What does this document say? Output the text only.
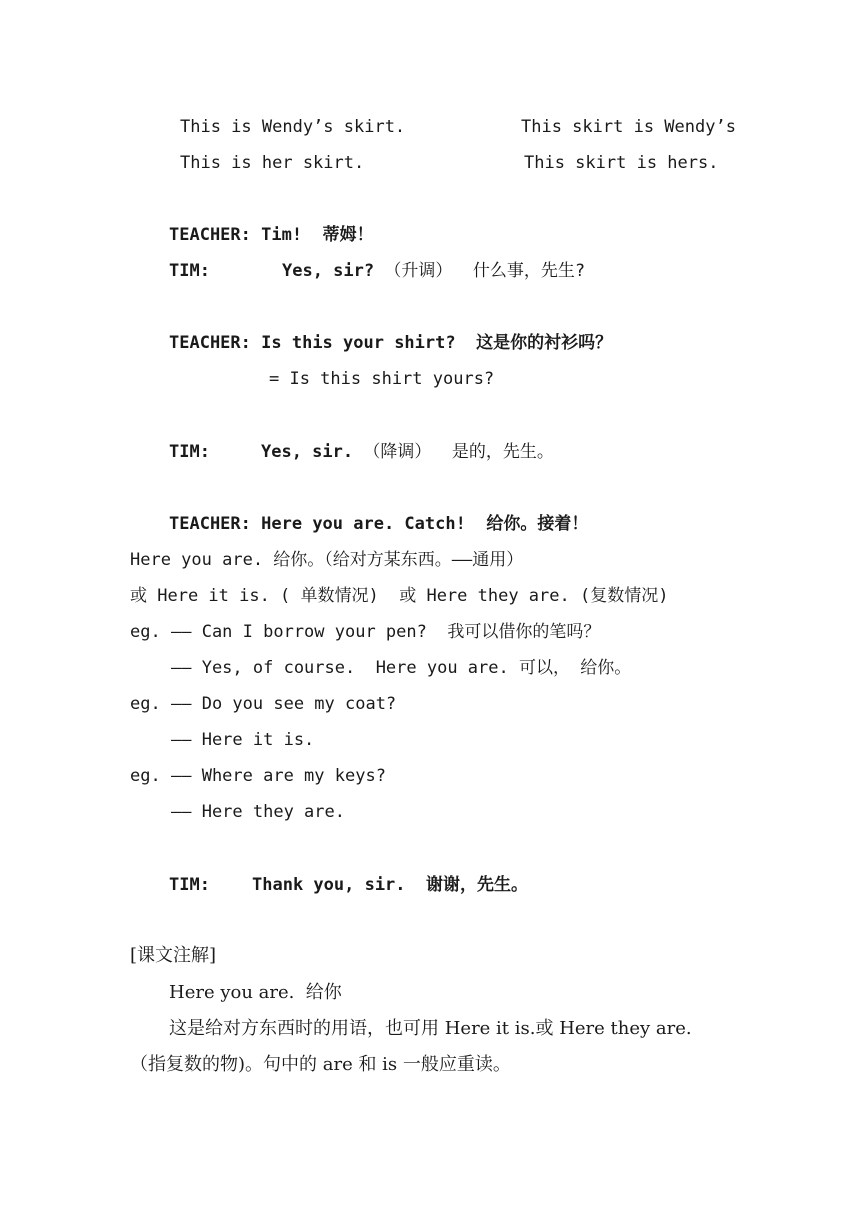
This is Wendy’s skirt.	This skirt is Wendy’s
This is her skirt.	This skirt is hers.
TEACHER: Tim! 蒂姆！
TIM:	Yes, sir? （升调） 什么事，先生?
TEACHER: Is this your shirt? 这是你的衬衫吗？
= Is this shirt yours?
TIM:	Yes, sir. （降调） 是的，先生。
TEACHER: Here you are. Catch! 给你。接着！
Here you are. 给你。（给对方某东西。——通用）
或 Here it is. ( 单数情况)  或 Here they are. (复数情况)
eg. —— Can I borrow your pen?  我可以借你的笔吗？
—— Yes, of course.  Here you are. 可以， 给你。
eg. —— Do you see my coat?
—— Here it is.
eg. —— Where are my keys?
—— Here they are.
TIM: Thank you, sir. 谢谢，先生。
[课文注解]
Here you are.  给你
这是给对方东西时的用语，也可用 Here it is.或 Here they are.
（指复数的物)。句中的 are 和 is 一般应重读。
